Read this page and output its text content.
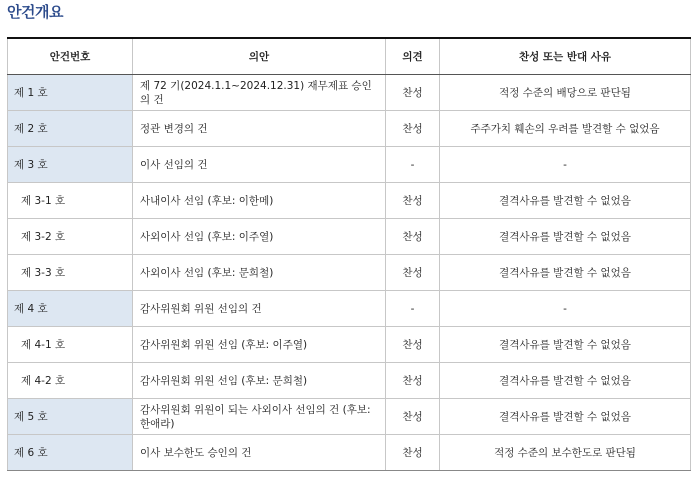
안건개요
안건번호	의안	의견	찬성 또는 반대 사유
제 1 호	제 72 기(2024.1.1~2024.12.31) 재무제표 승인의 건	찬성	적정 수준의 배당으로 판단됨
제 2 호	정관 변경의 건	찬성	주주가치 훼손의 우려를 발견할 수 없었음
제 3 호	이사 선임의 건	-	-
제 3-1 호	사내이사 선임 (후보: 이한메)	찬성	결격사유를 발견할 수 없었음
제 3-2 호	사외이사 선임 (후보: 이주열)	찬성	결격사유를 발견할 수 없었음
제 3-3 호	사외이사 선임 (후보: 문희철)	찬성	결격사유를 발견할 수 없었음
제 4 호	감사위원회 위원 선임의 건	-	-
제 4-1 호	감사위원회 위원 선임 (후보: 이주열)	찬성	결격사유를 발견할 수 없었음
제 4-2 호	감사위원회 위원 선임 (후보: 문희철)	찬성	결격사유를 발견할 수 없었음
제 5 호	감사위원회 위원이 되는 사외이사 선임의 건 (후보: 한애라)	찬성	결격사유를 발견할 수 없었음
제 6 호	이사 보수한도 승인의 건	찬성	적정 수준의 보수한도로 판단됨
